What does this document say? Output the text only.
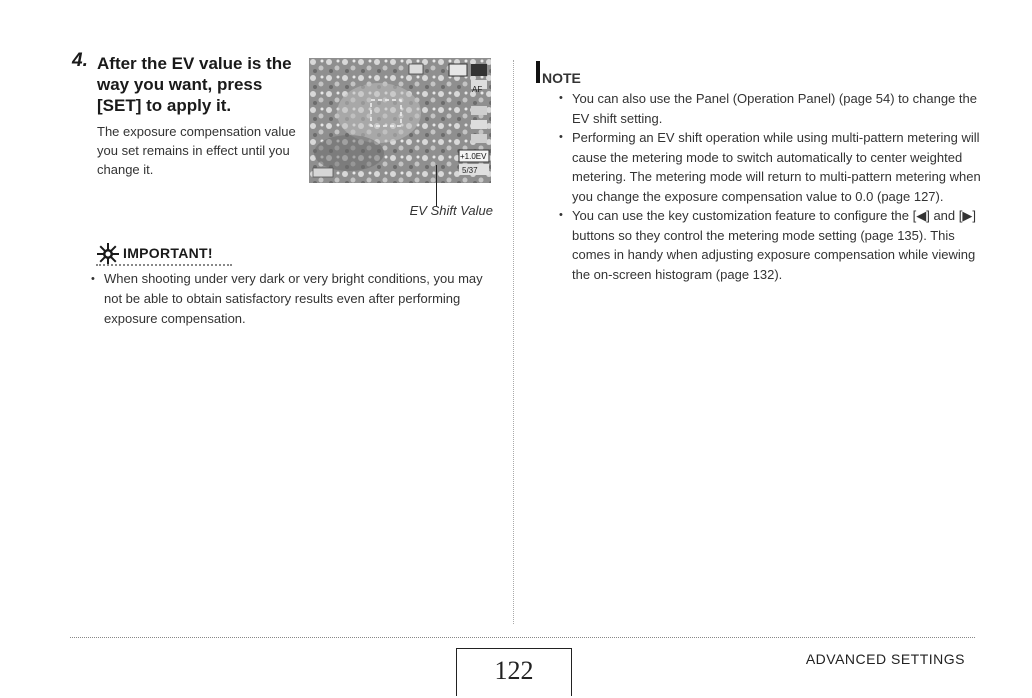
4. After the EV value is the way you want, press [SET] to apply it.
The exposure compensation value you set remains in effect until you change it.
AF
+1.0EV
5/37
EV Shift Value
IMPORTANT!
• When shooting under very dark or very bright conditions, you may not be able to obtain satisfactory results even after performing exposure compensation.
NOTE
• You can also use the Panel (Operation Panel) (page 54) to change the EV shift setting.
• Performing an EV shift operation while using multi-pattern metering will cause the metering mode to switch automatically to center weighted metering. The metering mode will return to multi-pattern metering when you change the exposure compensation value to 0.0 (page 127).
• You can use the key customization feature to configure the [◀] and [▶] buttons so they control the metering mode setting (page 135). This comes in handy when adjusting exposure compensation while viewing the on-screen histogram (page 132).
122	ADVANCED SETTINGS
